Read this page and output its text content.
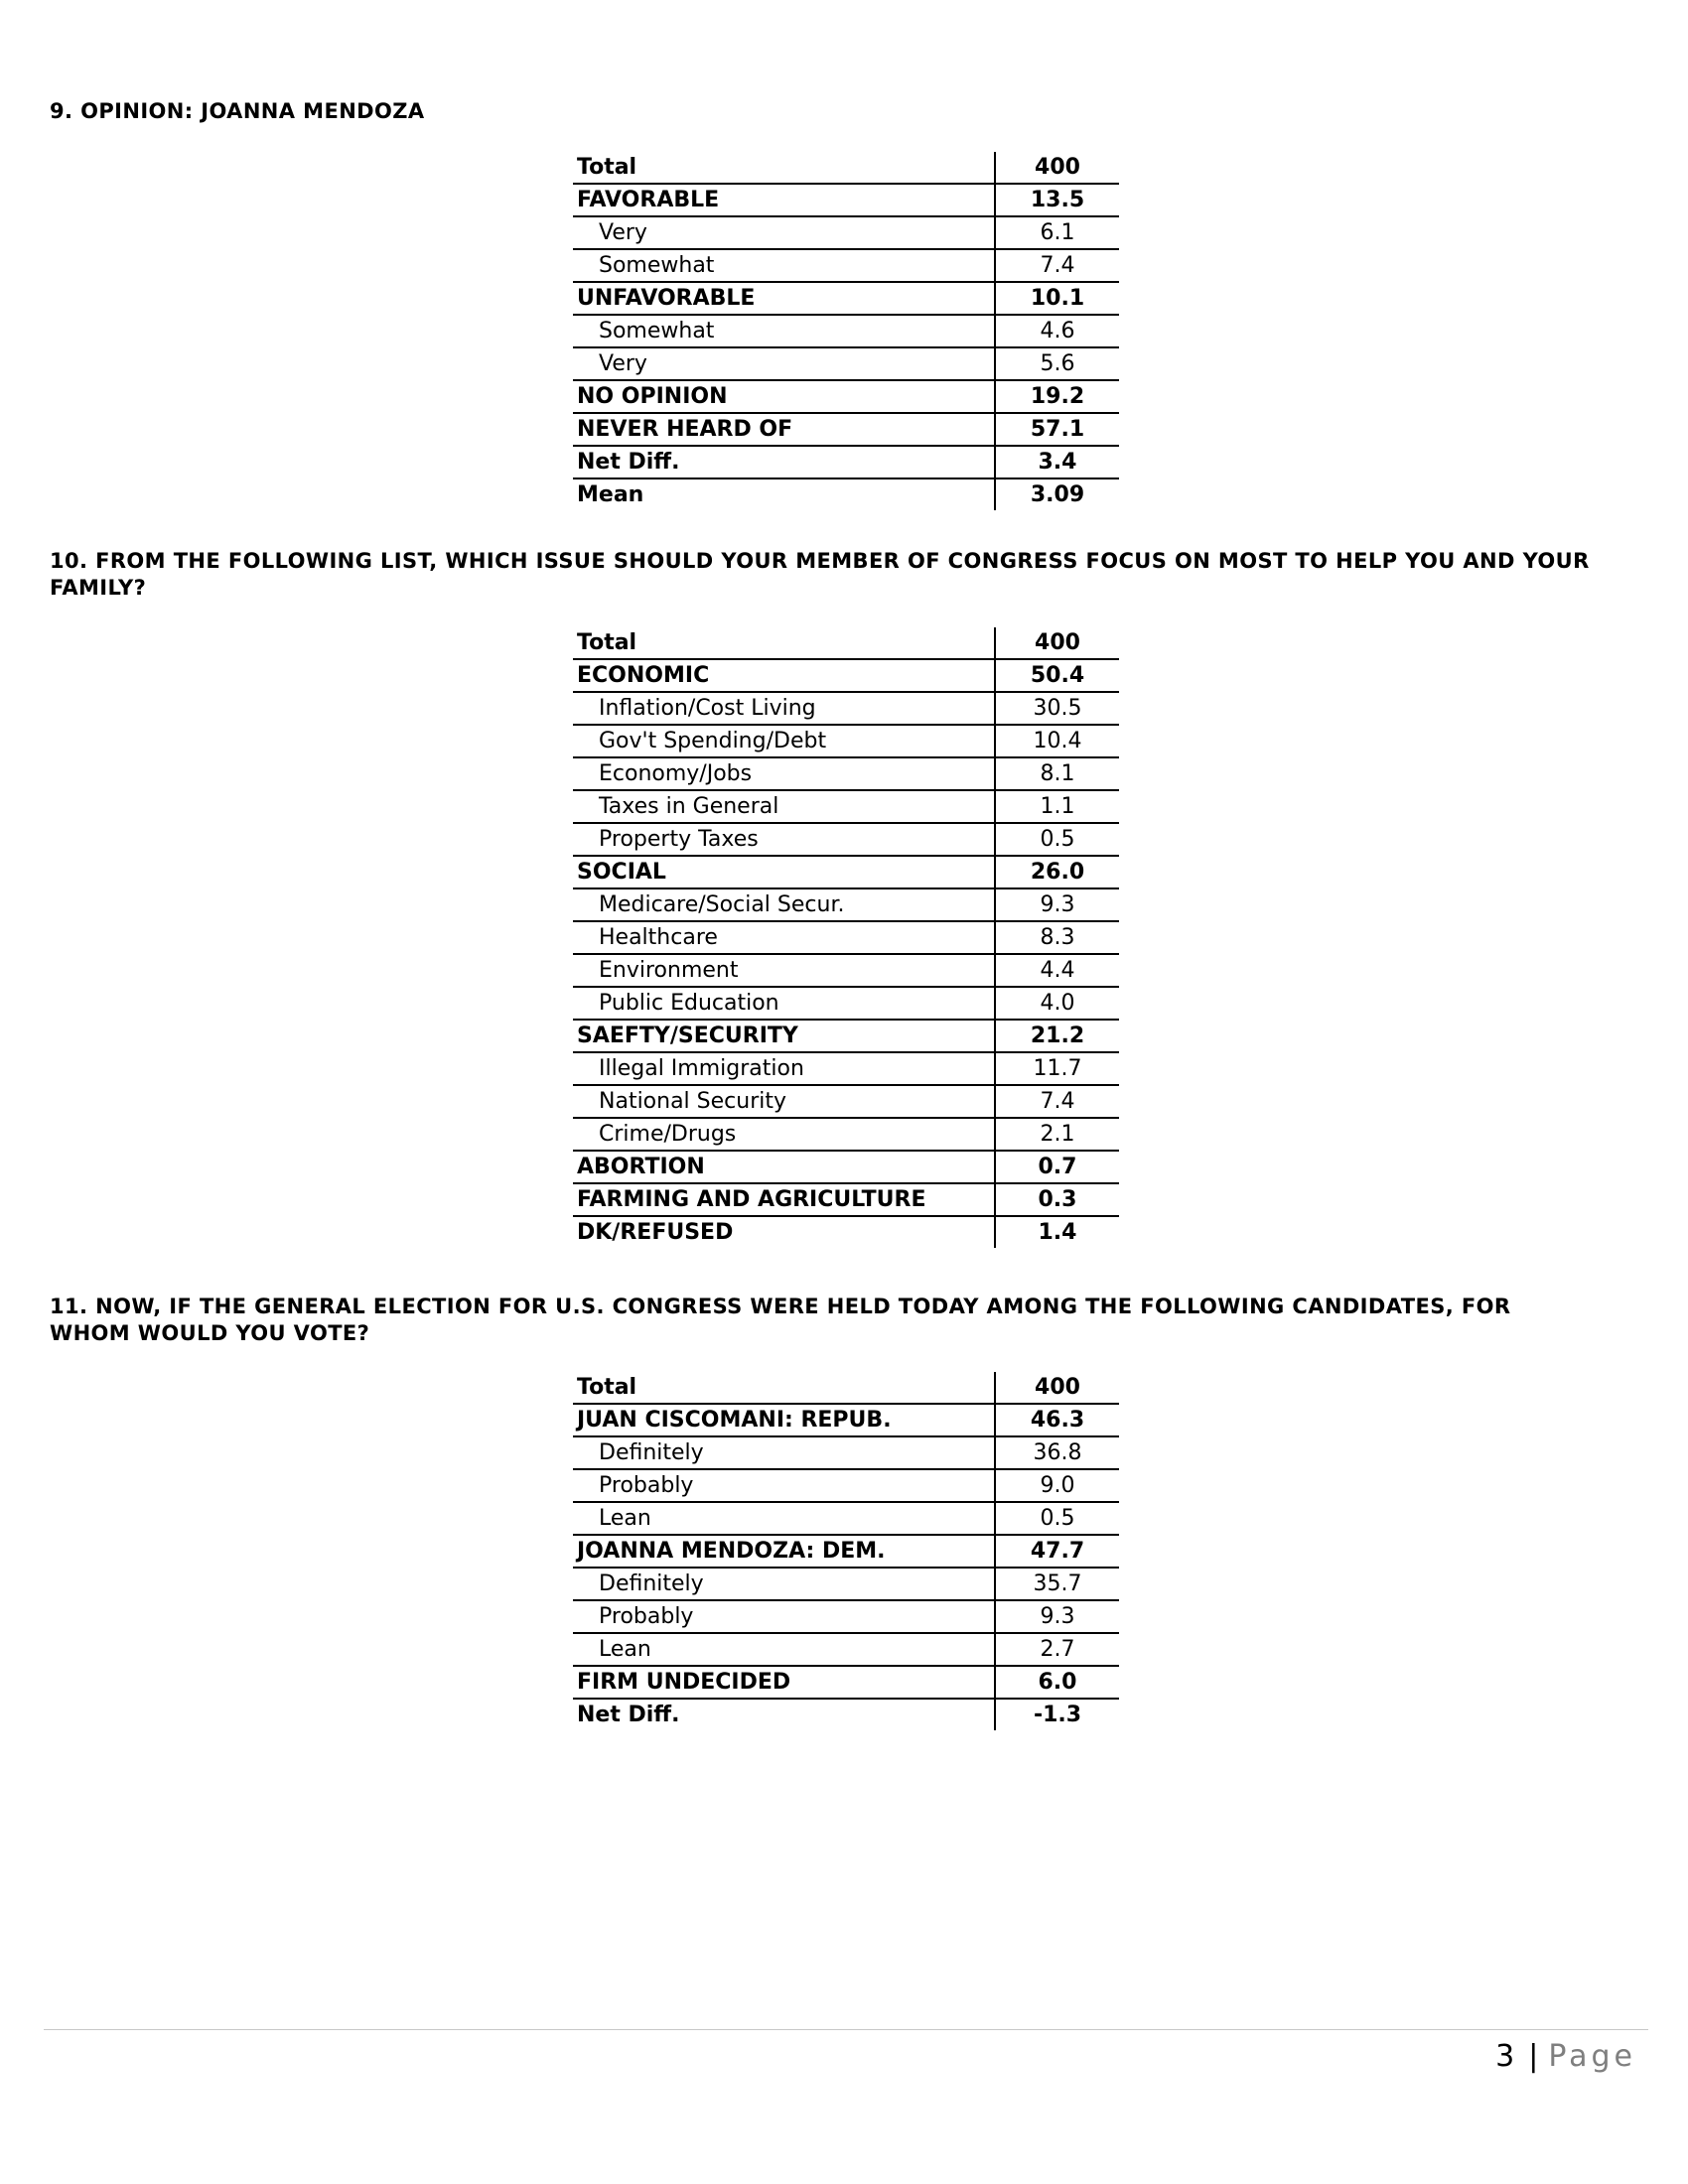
9. OPINION: JOANNA MENDOZA
Total	400
FAVORABLE	13.5
Very	6.1
Somewhat	7.4
UNFAVORABLE	10.1
Somewhat	4.6
Very	5.6
NO OPINION	19.2
NEVER HEARD OF	57.1
Net Diff.	3.4
Mean	3.09
10. FROM THE FOLLOWING LIST, WHICH ISSUE SHOULD YOUR MEMBER OF CONGRESS FOCUS ON MOST TO HELP YOU AND YOUR FAMILY?
Total	400
ECONOMIC	50.4
Inflation/Cost Living	30.5
Gov't Spending/Debt	10.4
Economy/Jobs	8.1
Taxes in General	1.1
Property Taxes	0.5
SOCIAL	26.0
Medicare/Social Secur.	9.3
Healthcare	8.3
Environment	4.4
Public Education	4.0
SAEFTY/SECURITY	21.2
Illegal Immigration	11.7
National Security	7.4
Crime/Drugs	2.1
ABORTION	0.7
FARMING AND AGRICULTURE	0.3
DK/REFUSED	1.4
11. NOW, IF THE GENERAL ELECTION FOR U.S. CONGRESS WERE HELD TODAY AMONG THE FOLLOWING CANDIDATES, FOR WHOM WOULD YOU VOTE?
Total	400
JUAN CISCOMANI: REPUB.	46.3
Definitely	36.8
Probably	9.0
Lean	0.5
JOANNA MENDOZA: DEM.	47.7
Definitely	35.7
Probably	9.3
Lean	2.7
FIRM UNDECIDED	6.0
Net Diff.	-1.3
3 | Page
